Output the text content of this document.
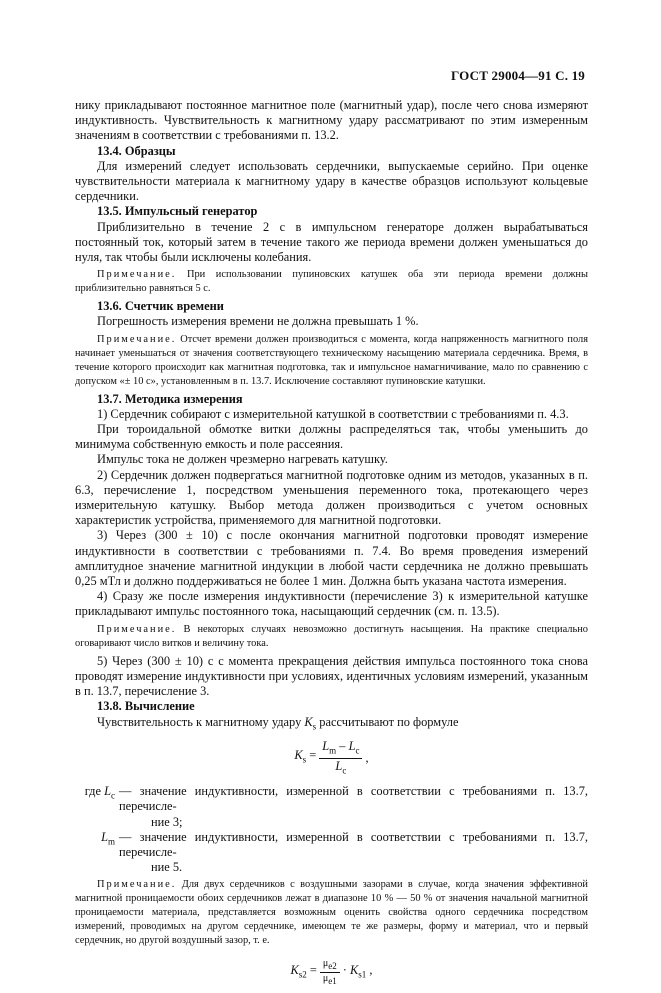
ГОСТ 29004—91 С. 19

нику прикладывают постоянное магнитное поле (магнитный удар), после чего снова измеряют индуктивность. Чувствительность к магнитному удару рассматривают по этим измеренным значениям в соответствии с требованиями п. 13.2.

13.4. Образцы

Для измерений следует использовать сердечники, выпускаемые серийно. При оценке чувствительности материала к магнитному удару в качестве образцов используют кольцевые сердечники.

13.5. Импульсный генератор

Приблизительно в течение 2 с в импульсном генераторе должен вырабатываться постоянный ток, который затем в течение такого же периода времени должен уменьшаться до нуля, так чтобы были исключены колебания.

Примечание. При использовании пупиновских катушек оба эти периода времени должны приблизительно равняться 5 с.

13.6. Счетчик времени

Погрешность измерения времени не должна превышать 1 %.

Примечание. Отсчет времени должен производиться с момента, когда напряженность магнитного поля начинает уменьшаться от значения соответствующего техническому насыщению материала сердечника. Время, в течение которого происходит как магнитная подготовка, так и импульсное намагничивание, мало по сравнению с допуском «± 10 с», установленным в п. 13.7. Исключение составляют пупиновские катушки.

13.7. Методика измерения

1) Сердечник собирают с измерительной катушкой в соответствии с требованиями п. 4.3.

При тороидальной обмотке витки должны распределяться так, чтобы уменьшить до минимума собственную емкость и поле рассеяния.

Импульс тока не должен чрезмерно нагревать катушку.

2) Сердечник должен подвергаться магнитной подготовке одним из методов, указанных в п. 6.3, перечисление 1, посредством уменьшения переменного тока, протекающего через измерительную катушку. Выбор метода должен производиться с учетом основных характеристик устройства, применяемого для магнитной подготовки.

3) Через (300 ± 10) с после окончания магнитной подготовки проводят измерение индуктивности в соответствии с требованиями п. 7.4. Во время проведения измерений амплитудное значение магнитной индукции в любой части сердечника не должно превышать 0,25 мТл и должно поддерживаться не более 1 мин. Должна быть указана частота измерения.

4) Сразу же после измерения индуктивности (перечисление 3) к измерительной катушке прикладывают импульс постоянного тока, насыщающий сердечник (см. п. 13.5).

Примечание. В некоторых случаях невозможно достигнуть насыщения. На практике специально оговаривают число витков и величину тока.

5) Через (300 ± 10) с с момента прекращения действия импульса постоянного тока снова проводят измерение индуктивности при условиях, идентичных условиям измерений, указанным в п. 13.7, перечисление 3.

13.8. Вычисление

Чувствительность к магнитному удару $K_s$ рассчитывают по формуле

$K_s = \frac{L_m - L_c}{L_c}$ ,
где $L_c$ — значение индуктивности, измеренной в соответствии с требованиями п. 13.7, перечисле-
ние 3;
$L_m$ — значение индуктивности, измеренной в соответствии с требованиями п. 13.7, перечисле-
ние 5.

Примечание. Для двух сердечников с воздушными зазорами в случае, когда значения эффективной магнитной проницаемости обоих сердечников лежат в диапазоне 10 % — 50 % от значения начальной магнитной проницаемости материала, представляется возможным оценить свойства одного сердечника посредством измерений, проводимых на другом сердечнике, имеющем те же размеры, форму и материал, что и первый сердечник, но другой воздушный зазор, т. е.

$K_{s2} = \frac{\mu_{e2}}{\mu_{e1}} \cdot K_{s1}$ ,
